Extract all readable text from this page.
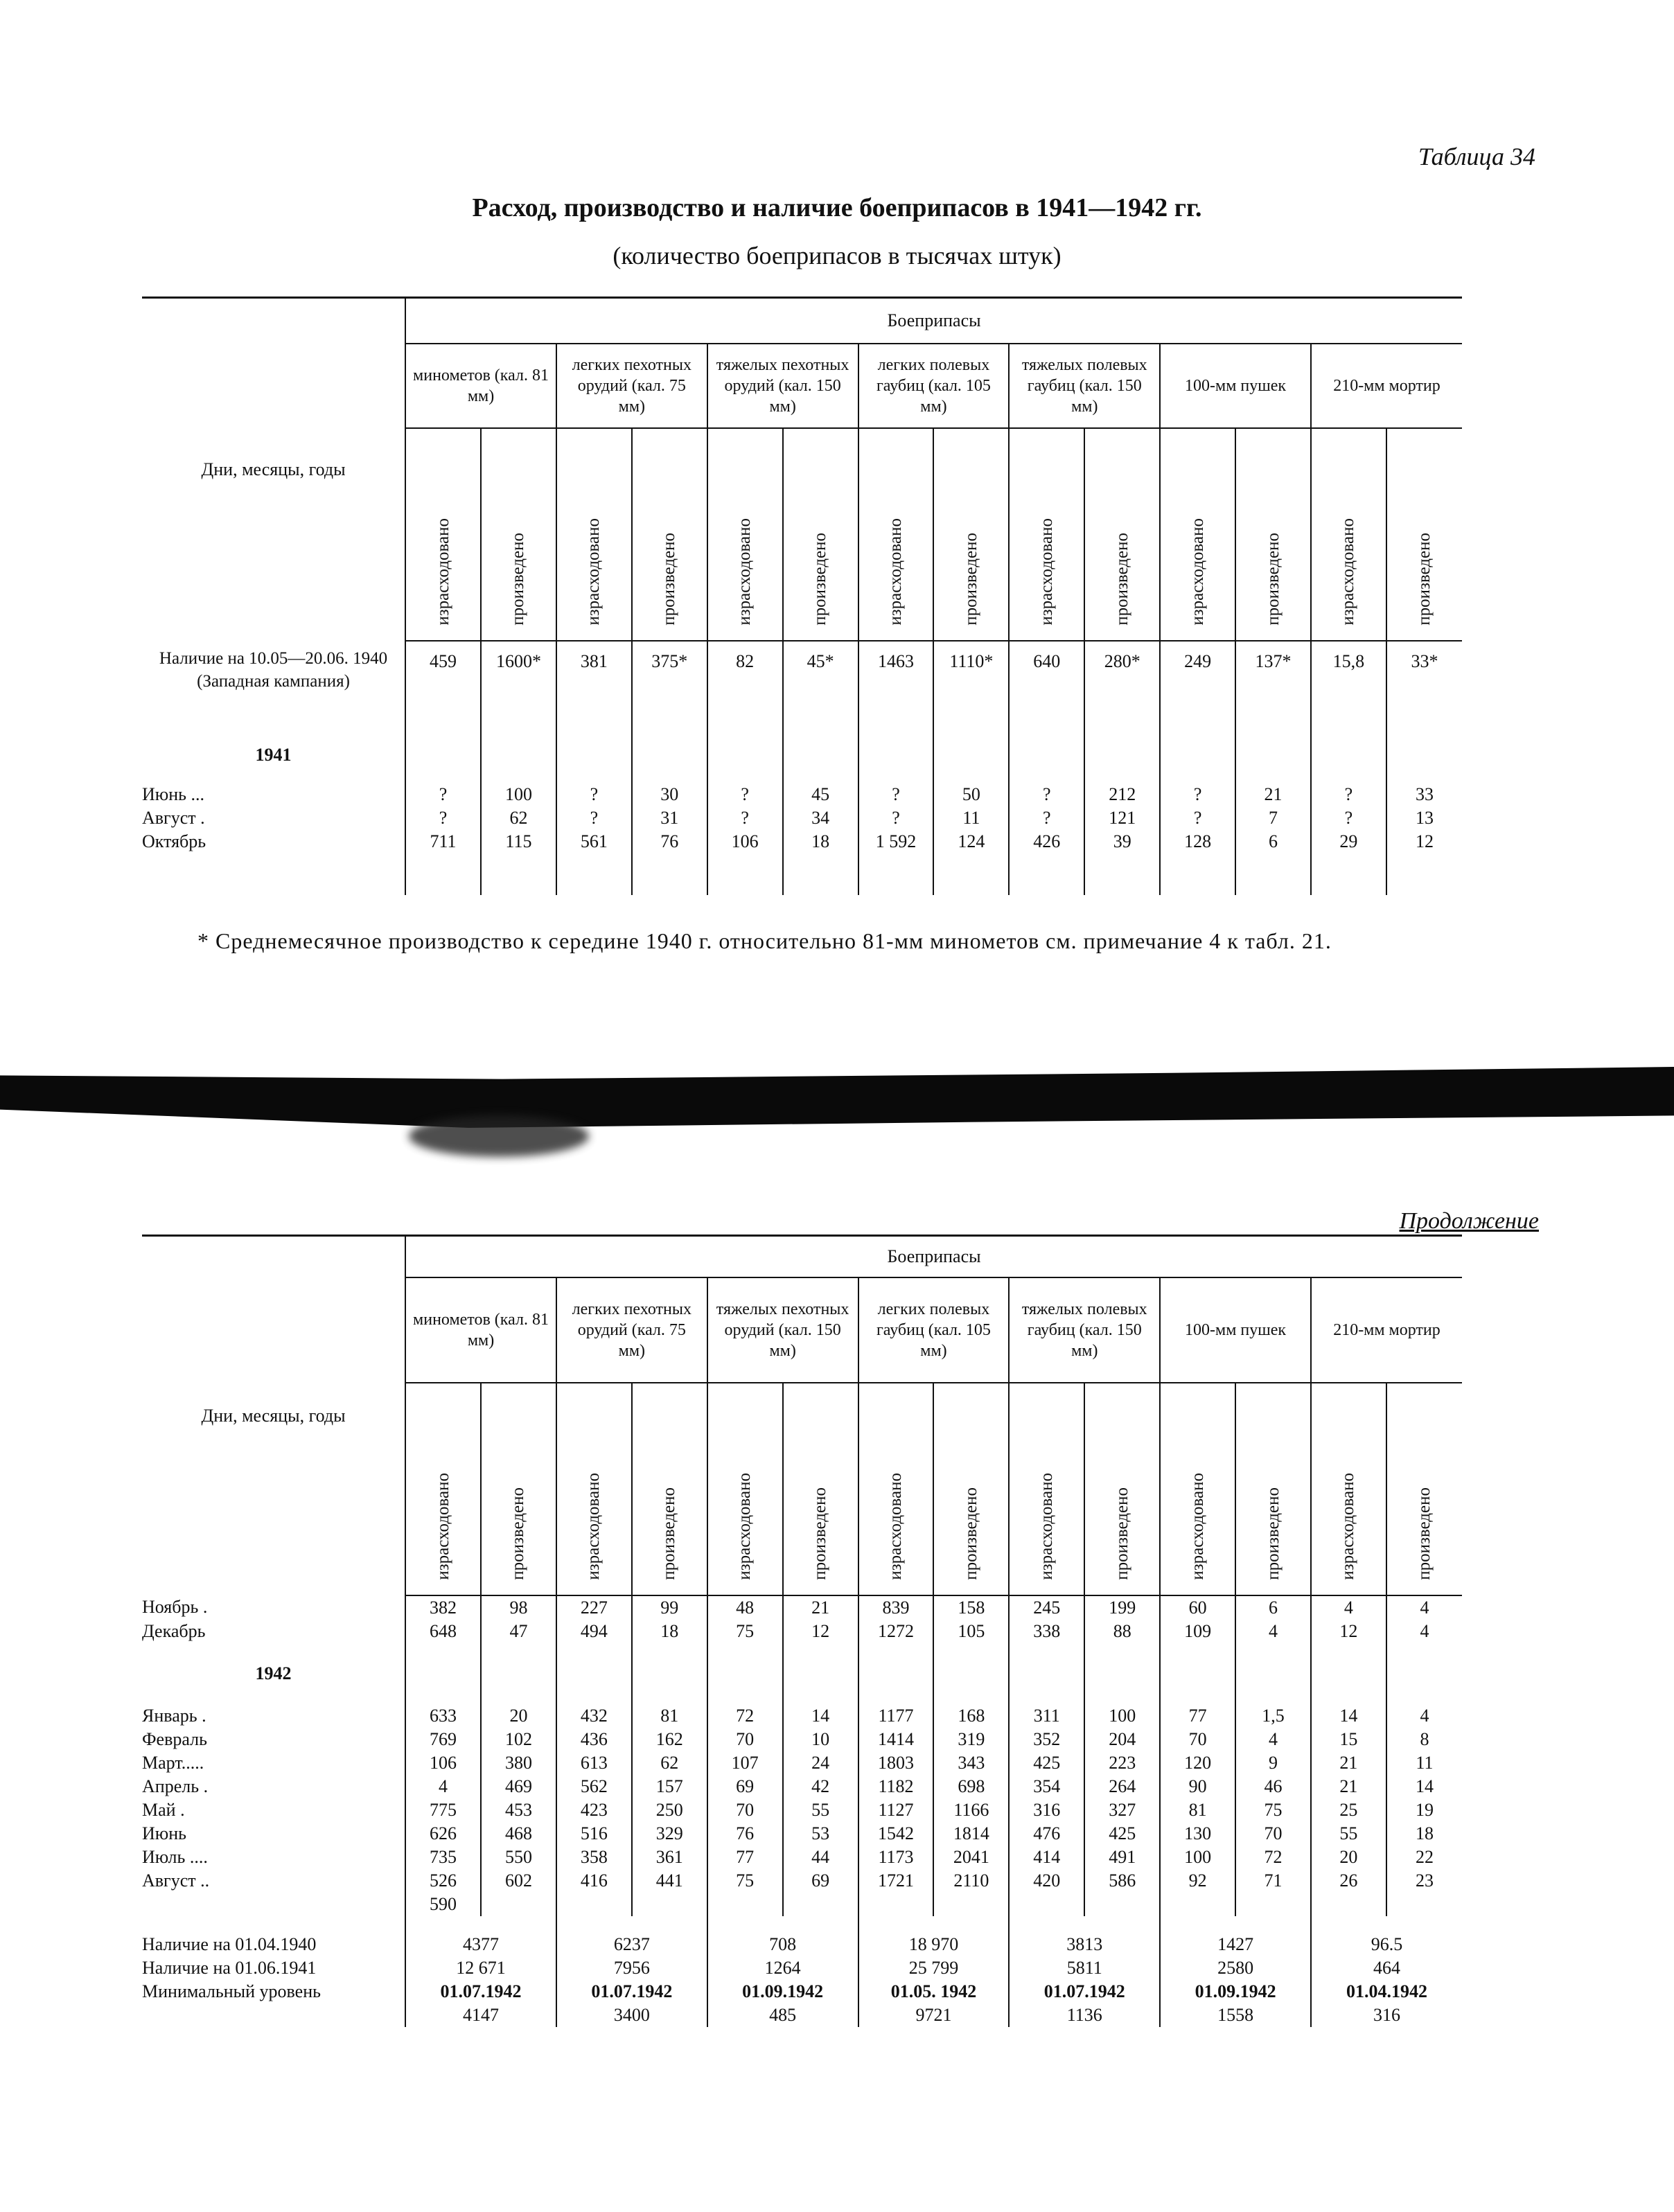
Таблица 34
Расход, производство и наличие боеприпасов в 1941—1942 гг.
(количество боеприпасов в тысячах штук)
Дни, месяцы, годы	Боеприпасы													
	минометов (кал. 81 мм)		легких пехотных орудий (кал. 75 мм)		тяжелых пехотных орудий (кал. 150 мм)		легких полевых гаубиц (кал. 105 мм)		тяжелых полевых гаубиц (кал. 150 мм)		100-мм пушек		210-мм мортир	
	израсходовано	произведено	израсходовано	произведено	израсходовано	произведено	израсходовано	произведено	израсходовано	произведено	израсходовано	произведено	израсходовано	произведено
Наличие на 10.05—20.06. 1940 (Западная кампания)	459	1600*	381	375*	82	45*	1463	1110*	640	280*	249	137*	15,8	33*
1941														
Июнь ...	?	100	?	30	?	45	?	50	?	212	?	21	?	33
Август .	?	62	?	31	?	34	?	11	?	121	?	7	?	13
Октябрь	711	115	561	76	106	18	1 592	124	426	39	128	6	29	12

* Среднемесячное производство к середине 1940 г. относительно 81-мм минометов см. примечание 4 к табл. 21.
Продолжение
Дни, месяцы, годы	Боеприпасы													
	минометов (кал. 81 мм)		легких пехотных орудий (кал. 75 мм)		тяжелых пехотных орудий (кал. 150 мм)		легких полевых гаубиц (кал. 105 мм)		тяжелых полевых гаубиц (кал. 150 мм)		100-мм пушек		210-мм мортир	
	израсходовано	произведено	израсходовано	произведено	израсходовано	произведено	израсходовано	произведено	израсходовано	произведено	израсходовано	произведено	израсходовано	произведено
Ноябрь .	382	98	227	99	48	21	839	158	245	199	60	6	4	4
Декабрь	648	47	494	18	75	12	1272	105	338	88	109	4	12	4
1942														
Январь .	633	20	432	81	72	14	1177	168	311	100	77	1,5	14	4
Февраль	769	102	436	162	70	10	1414	319	352	204	70	4	15	8
Март.....	106	380	613	62	107	24	1803	343	425	223	120	9	21	11
Апрель .	4	469	562	157	69	42	1182	698	354	264	90	46	21	14
Май .	775	453	423	250	70	55	1127	1166	316	327	81	75	25	19
Июнь	626	468	516	329	76	53	1542	1814	476	425	130	70	55	18
Июль ....	735	550	358	361	77	44	1173	2041	414	491	100	72	20	22
Август ..	526	602	416	441	75	69	1721	2110	420	586	92	71	26	23
	590													
Наличие на 01.04.1940	4377		6237		708		18 970		3813		1427		96.5	
Наличие на 01.06.1941	12 671		7956		1264		25 799		5811		2580		464	
Минимальный уровень	01.07.1942		01.07.1942		01.09.1942		01.05. 1942		01.07.1942		01.09.1942		01.04.1942	
	4147		3400		485		9721		1136		1558		316	
